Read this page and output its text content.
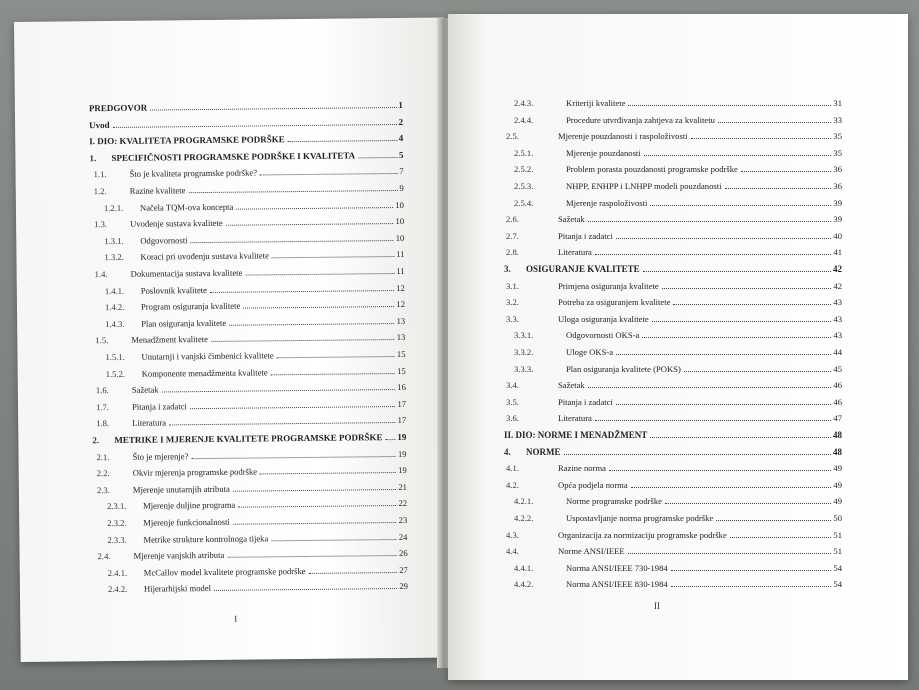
PREDGOVOR	1
Uvod	2
I. DIO: KVALITETA PROGRAMSKE PODRŠKE	4
1.	SPECIFIČNOSTI PROGRAMSKE PODRŠKE I KVALITETA	5
1.1.	Što je kvaliteta programske podrške?	7
1.2.	Razine kvalitete	9
1.2.1.	Načela TQM-ova koncepta	10
1.3.	Uvođenje sustava kvalitete	10
1.3.1.	Odgovornosti	10
1.3.2.	Koraci pri uvođenju sustava kvalitete	11
1.4.	Dokumentacija sustava kvalitete	11
1.4.1.	Poslovnik kvalitete	12
1.4.2.	Program osiguranja kvalitete	12
1.4.3.	Plan osiguranja kvalitete	13
1.5.	Menadžment kvalitete	13
1.5.1.	Unutarnji i vanjski čimbenici kvalitete	15
1.5.2.	Komponente menadžmenta kvalitete	15
1.6.	Sažetak	16
1.7.	Pitanja i zadatci	17
1.8.	Literatura	17
2.	METRIKE I MJERENJE KVALITETE PROGRAMSKE PODRŠKE 19
2.1.	Što je mjerenje?	19
2.2.	Okvir mjerenja programske podrške	19
2.3.	Mjerenje unutarnjih atributa	21
2.3.1.	Mjerenje duljine programa	22
2.3.2.	Mjerenje funkcionalnosti	23
2.3.3.	Metrike strukture kontrolnoga tijeka	24
2.4.	Mjerenje vanjskih atributa	26
2.4.1.	McCallov model kvalitete programske podrške	27
2.4.2.	Hijerarhijski model	29
I
2.4.3.	Kriteriji kvalitete	31
2.4.4.	Procedure utvrđivanja zahtjeva za kvalitetu	33
2.5.	Mjerenje pouzdanosti i raspoloživosti	35
2.5.1.	Mjerenje pouzdanosti	35
2.5.2.	Problem porasta pouzdanosti programske podrške	36
2.5.3.	NHPP, ENHPP i LNHPP modeli pouzdanosti	36
2.5.4.	Mjerenje raspoloživosti	39
2.6.	Sažetak	39
2.7.	Pitanja i zadatci	40
2.8.	Literatura	41
3.	OSIGURANJE KVALITETE	42
3.1.	Primjena osiguranja kvalitete	42
3.2.	Potreba za osiguranjem kvalitete	43
3.3.	Uloga osiguranja kvalitete	43
3.3.1.	Odgovornosti OKS-a	43
3.3.2.	Uloge OKS-a	44
3.3.3.	Plan osiguranja kvalitete (POKS)	45
3.4.	Sažetak	46
3.5.	Pitanja i zadatci	46
3.6.	Literatura	47
II. DIO: NORME I MENADŽMENT	48
4.	NORME	48
4.1.	Razine norma	49
4.2.	Opća podjela norma	49
4.2.1.	Norme programske podrške	49
4.2.2.	Uspostavljanje norma programske podrške	50
4.3.	Organizacija za normizaciju programske podrške	51
4.4.	Norme ANSI/IEEE	51
4.4.1.	Norma ANSI/IEEE 730-1984	54
4.4.2.	Norma ANSI/IEEE 830-1984	54
II
